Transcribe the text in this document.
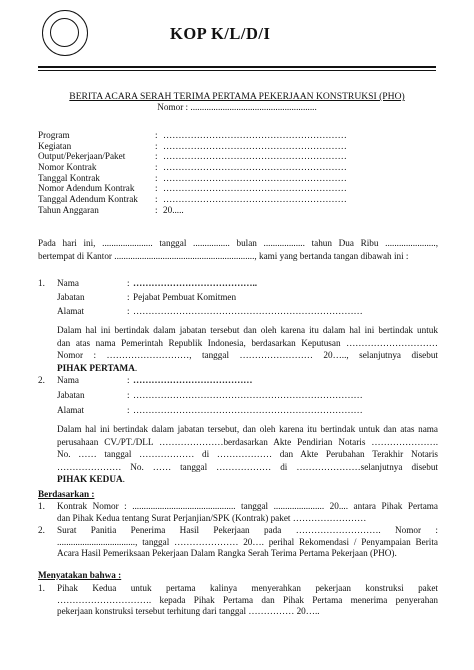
KOP K/L/D/I
BERITA ACARA SERAH TERIMA PERTAMA PEKERJAAN KONSTRUKSI (PHO)
Nomor : .......................................................
Program	: ……………………………………………………
Kegiatan	: ……………………………………………………
Output/Pekerjaan/Paket	: ……………………………………………………
Nomor Kontrak	: ……………………………………………………
Tanggal Kontrak	: ……………………………………………………
Nomor Adendum Kontrak	: ……………………………………………………
Tanggal Adendum Kontrak	: ……………………………………………………
Tahun Anggaran	: 20.....
Pada hari ini, ...................... tanggal ................ bulan .................. tahun Dua Ribu ......................,
bertempat di Kantor ............................................................., kami yang bertanda tangan dibawah ini :
1. Nama	: …………………………………..
Jabatan	: Pejabat Pembuat Komitmen
Alamat	: …………………………………………………………………
Dalam hal ini bertindak dalam jabatan tersebut dan oleh karena itu dalam hal ini bertindak untuk
dan atas nama Pemerintah Republik Indonesia, berdasarkan Keputusan …………………………
Nomor : ………………………, tanggal …………………… 20….., selanjutnya disebut
PIHAK PERTAMA.
2. Nama	: …………………………………
Jabatan	: …………………………………………………………………
Alamat	: …………………………………………………………………
Dalam hal ini bertindak dalam jabatan tersebut, dan oleh karena itu bertindak untuk dan atas nama
perusahaan CV./PT./DLL …………………berdasarkan Akte Pendirian Notaris ………………….
No. …… tanggal ……………… di ……………… dan Akte Perubahan Terakhir Notaris
………………… No. …… tanggal ……………… di …………………selanjutnya disebut
PIHAK KEDUA.
Berdasarkan :
1. Kontrak Nomor : ............................................. tanggal ...................... 20.... antara Pihak Pertama
dan Pihak Kedua tentang Surat Perjanjian/SPK (Kontrak) paket ……………………
2. Surat Panitia Penerima Hasil Pekerjaan pada ………………………. Nomor :
.................................., tanggal ………………… 20…. perihal Rekomendasi / Penyampaian Berita
Acara Hasil Pemeriksaan Pekerjaan Dalam Rangka Serah Terima Pertama Pekerjaan (PHO).
Menyatakan bahwa :
1. Pihak Kedua untuk pertama kalinya menyerahkan pekerjaan konstruksi paket
…………………………. kepada Pihak Pertama dan Pihak Pertama menerima penyerahan
pekerjaan konstruksi tersebut terhitung dari tanggal …………… 20…..
